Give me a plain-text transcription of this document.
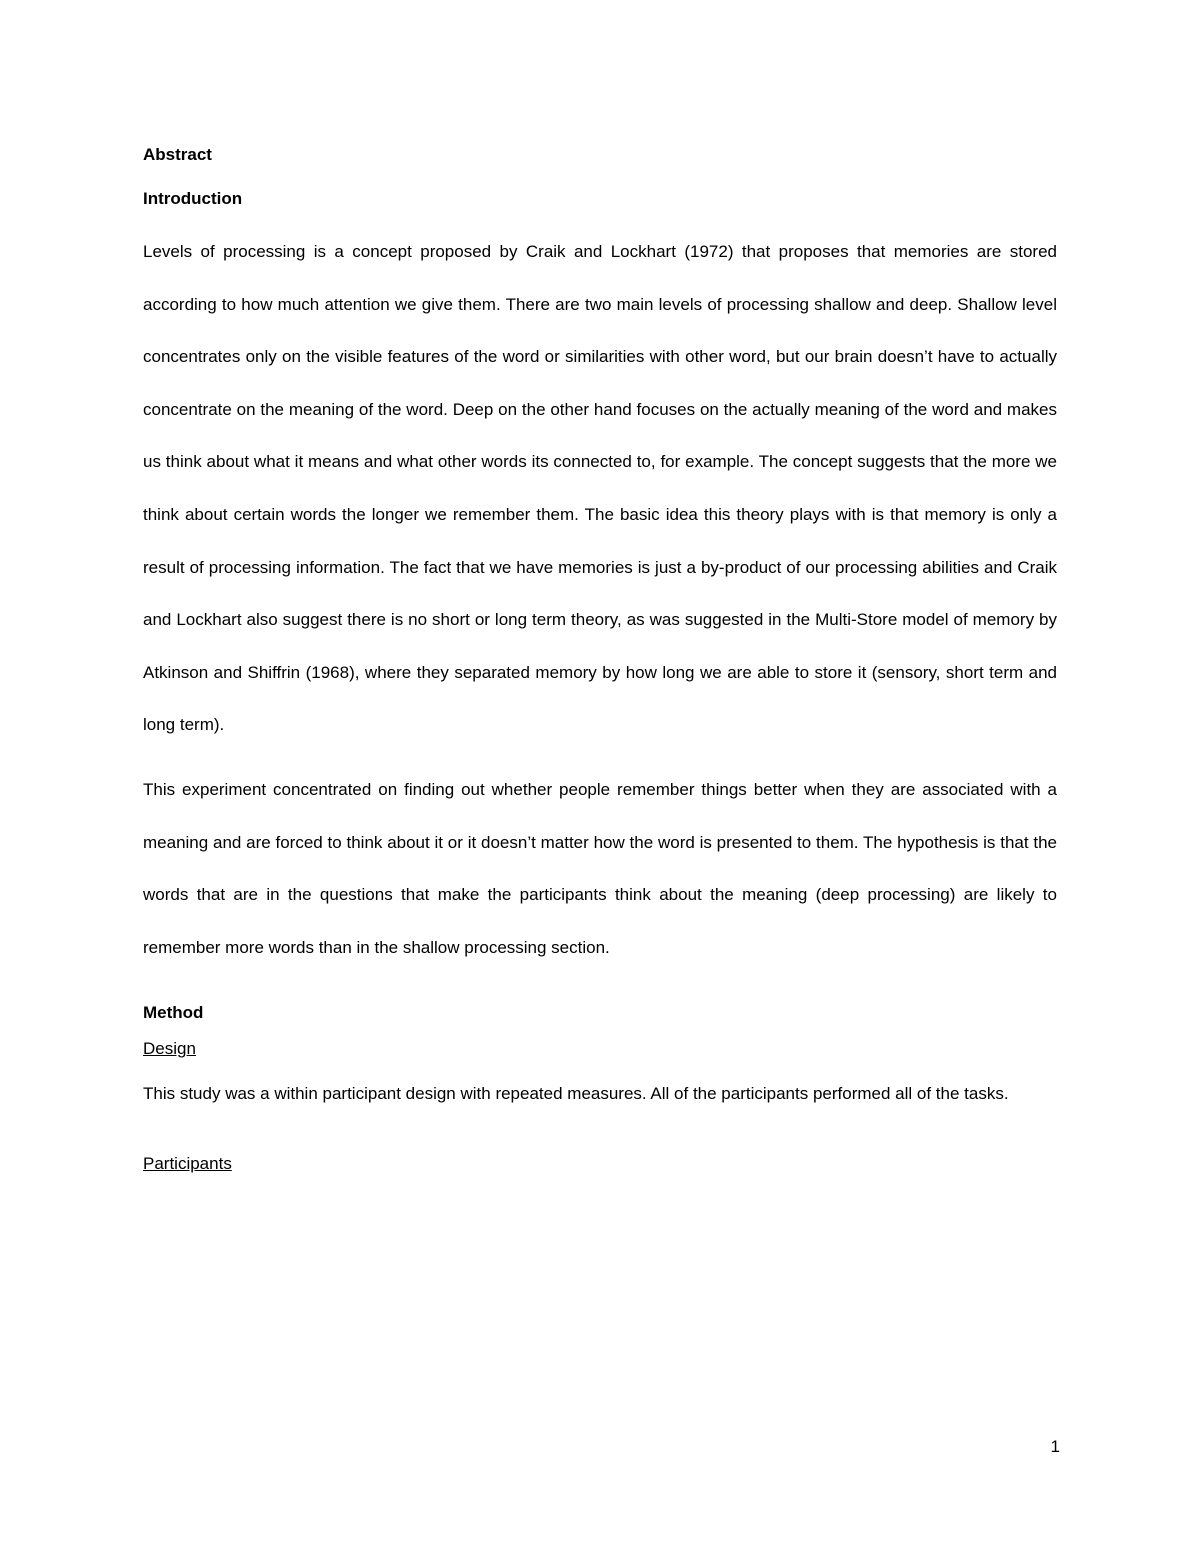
Abstract

Introduction

Levels of processing is a concept proposed by Craik and Lockhart (1972) that proposes that memories are stored according to how much attention we give them. There are two main levels of processing shallow and deep. Shallow level concentrates only on the visible features of the word or similarities with other word, but our brain doesn’t have to actually concentrate on the meaning of the word. Deep on the other hand focuses on the actually meaning of the word and makes us think about what it means and what other words its connected to, for example. The concept suggests that the more we think about certain words the longer we remember them. The basic idea this theory plays with is that memory is only a result of processing information. The fact that we have memories is just a by-product of our processing abilities and Craik and Lockhart also suggest there is no short or long term theory, as was suggested in the Multi-Store model of memory by Atkinson and Shiffrin (1968), where they separated memory by how long we are able to store it (sensory, short term and long term).

This experiment concentrated on finding out whether people remember things better when they are associated with a meaning and are forced to think about it or it doesn’t matter how the word is presented to them. The hypothesis is that the words that are in the questions that make the participants think about the meaning (deep processing) are likely to remember more words than in the shallow processing section.

Method

Design

This study was a within participant design with repeated measures. All of the participants performed all of the tasks.

Participants

1
